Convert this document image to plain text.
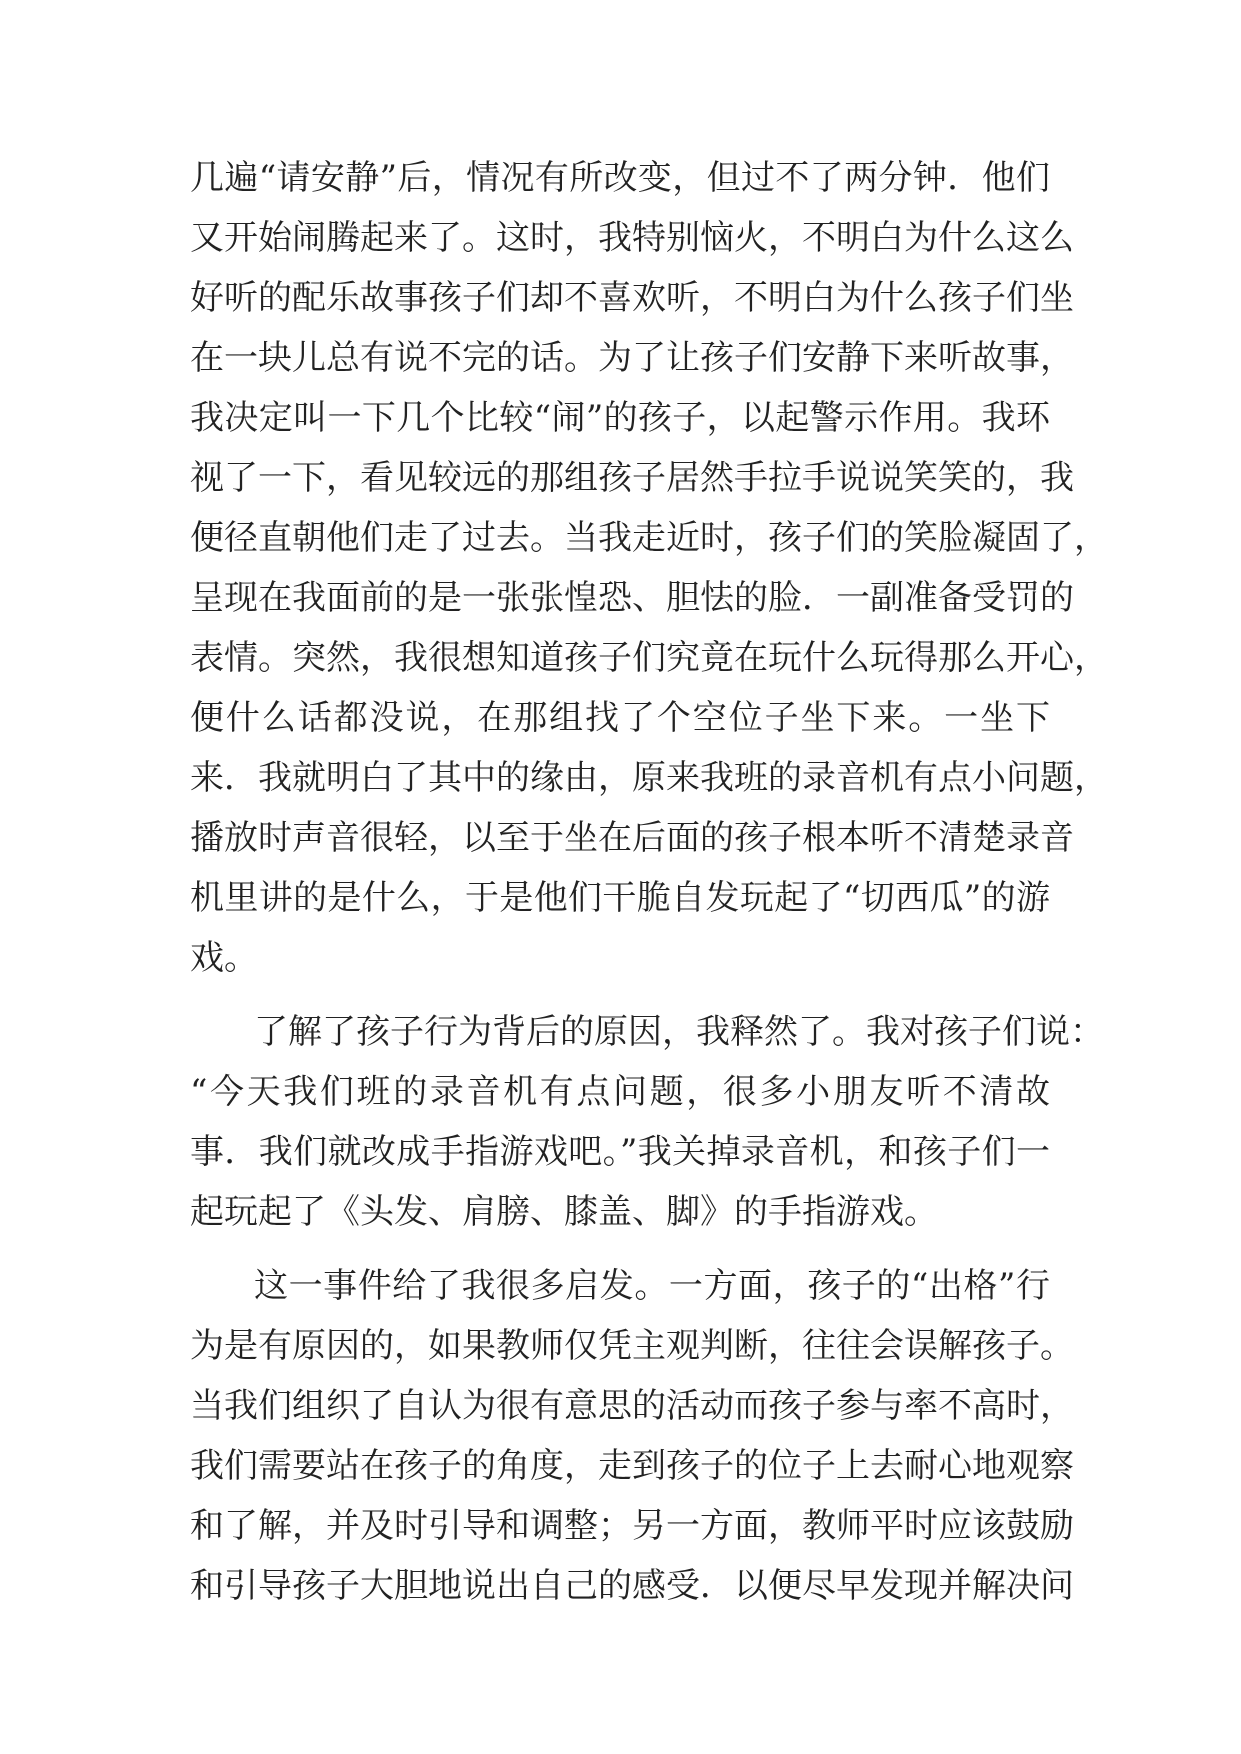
几遍“请安静”后，情况有所改变，但过不了两分钟．他们
又开始闹腾起来了。这时，我特别恼火，不明白为什么这么
好听的配乐故事孩子们却不喜欢听，不明白为什么孩子们坐
在一块儿总有说不完的话。为了让孩子们安静下来听故事，
我决定叫一下几个比较“闹”的孩子，以起警示作用。我环
视了一下，看见较远的那组孩子居然手拉手说说笑笑的，我
便径直朝他们走了过去。当我走近时，孩子们的笑脸凝固了，
呈现在我面前的是一张张惶恐、胆怯的脸．一副准备受罚的
表情。突然，我很想知道孩子们究竟在玩什么玩得那么开心，
便什么话都没说，在那组找了个空位子坐下来。一坐下
来．我就明白了其中的缘由，原来我班的录音机有点小问题，
播放时声音很轻，以至于坐在后面的孩子根本听不清楚录音
机里讲的是什么，于是他们干脆自发玩起了“切西瓜”的游
戏。
了解了孩子行为背后的原因，我释然了。我对孩子们说：
“今天我们班的录音机有点问题，很多小朋友听不清故
事．我们就改成手指游戏吧。”我关掉录音机，和孩子们一
起玩起了《头发、肩膀、膝盖、脚》的手指游戏。
这一事件给了我很多启发。一方面，孩子的“出格”行
为是有原因的，如果教师仅凭主观判断，往往会误解孩子。
当我们组织了自认为很有意思的活动而孩子参与率不高时，
我们需要站在孩子的角度，走到孩子的位子上去耐心地观察
和了解，并及时引导和调整；另一方面，教师平时应该鼓励
和引导孩子大胆地说出自己的感受．以便尽早发现并解决问
